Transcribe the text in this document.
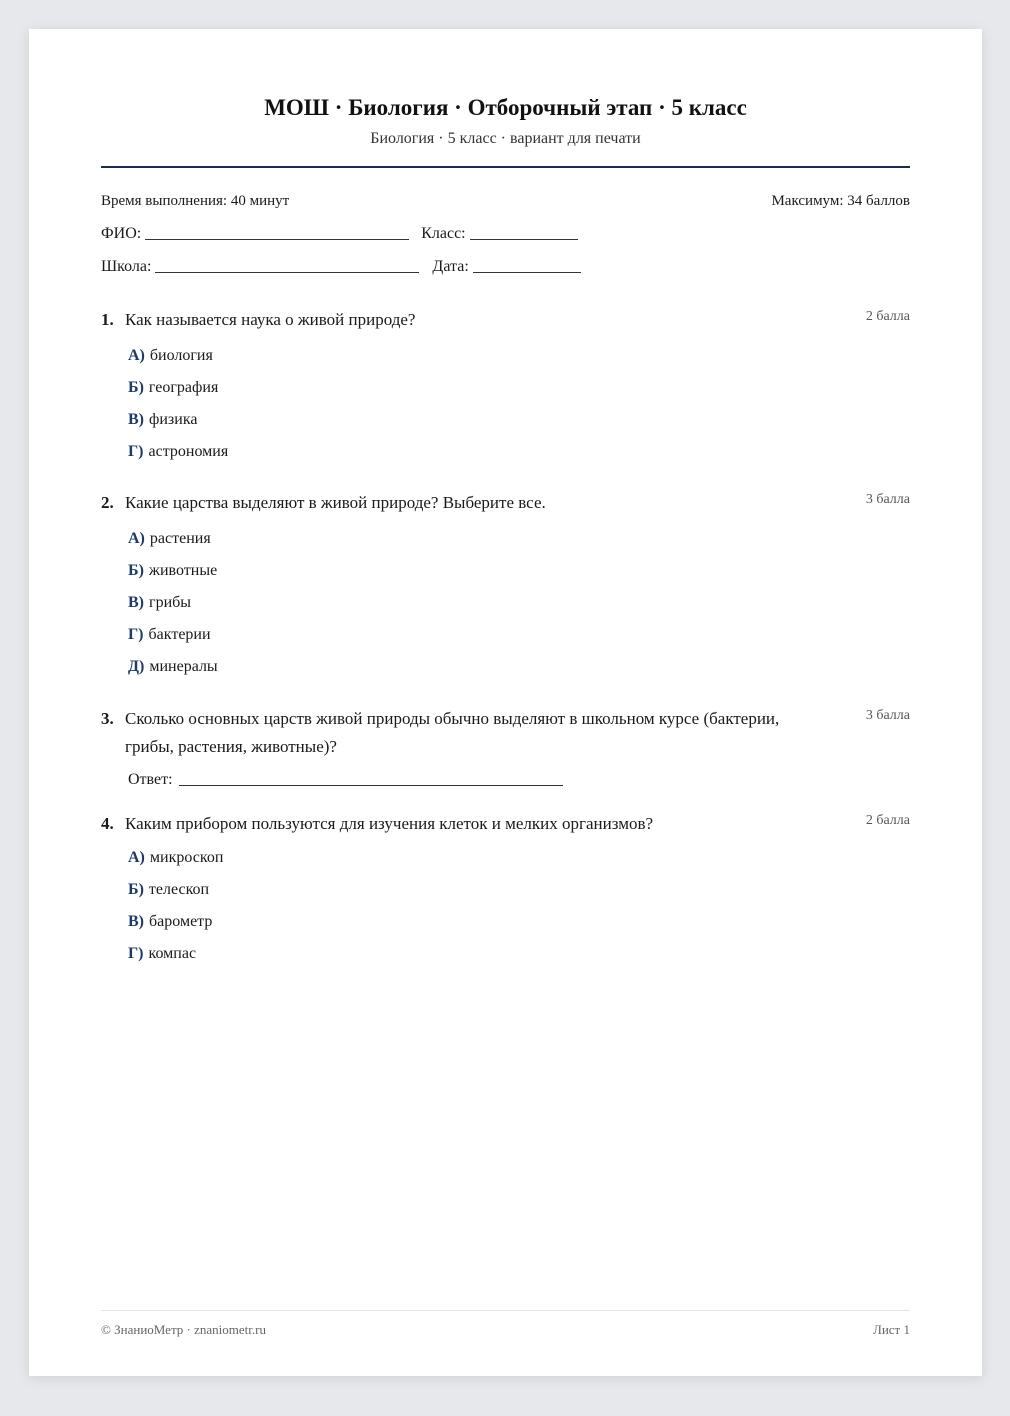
МОШ · Биология · Отборочный этап · 5 класс
Биология · 5 класс · вариант для печати
Время выполнения: 40 минут	Максимум: 34 баллов
ФИО:	Класс:
Школа:	Дата:
1. Как называется наука о живой природе?	2 балла
А) биология
Б) география
В) физика
Г) астрономия
2. Какие царства выделяют в живой природе? Выберите все.	3 балла
А) растения
Б) животные
В) грибы
Г) бактерии
Д) минералы
3. Сколько основных царств живой природы обычно выделяют в школьном курсе (бактерии, грибы, растения, животные)?
3 балла
Ответ:
4. Каким прибором пользуются для изучения клеток и мелких организмов?	2 балла
А) микроскоп
Б) телескоп
В) барометр
Г) компас
© ЗнаниоМетр · znaniometr.ru	Лист 1
